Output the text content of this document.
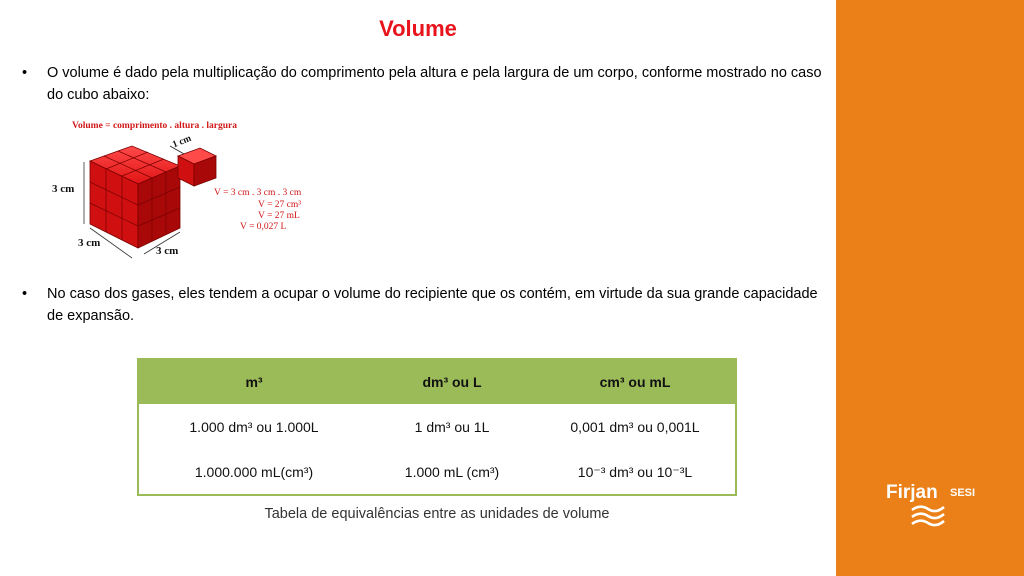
Volume
• O volume é dado pela multiplicação do comprimento pela altura e pela largura de um corpo, conforme mostrado no caso do cubo abaixo:
Volume = comprimento . altura . largura
1 cm
3 cm
3 cm
3 cm
V = 3 cm . 3 cm . 3 cm
V = 27 cm³
V = 27 mL
V = 0,027 L
• No caso dos gases, eles tendem a ocupar o volume do recipiente que os contém, em virtude da sua grande capacidade de expansão.
m³	dm³ ou L	cm³ ou mL
1.000 dm³ ou 1.000L	1 dm³ ou 1L	0,001 dm³ ou 0,001L
1.000.000 mL(cm³)	1.000 mL (cm³)	10⁻³ dm³ ou 10⁻³L
Tabela de equivalências entre as unidades de volume
Firjan SESI
